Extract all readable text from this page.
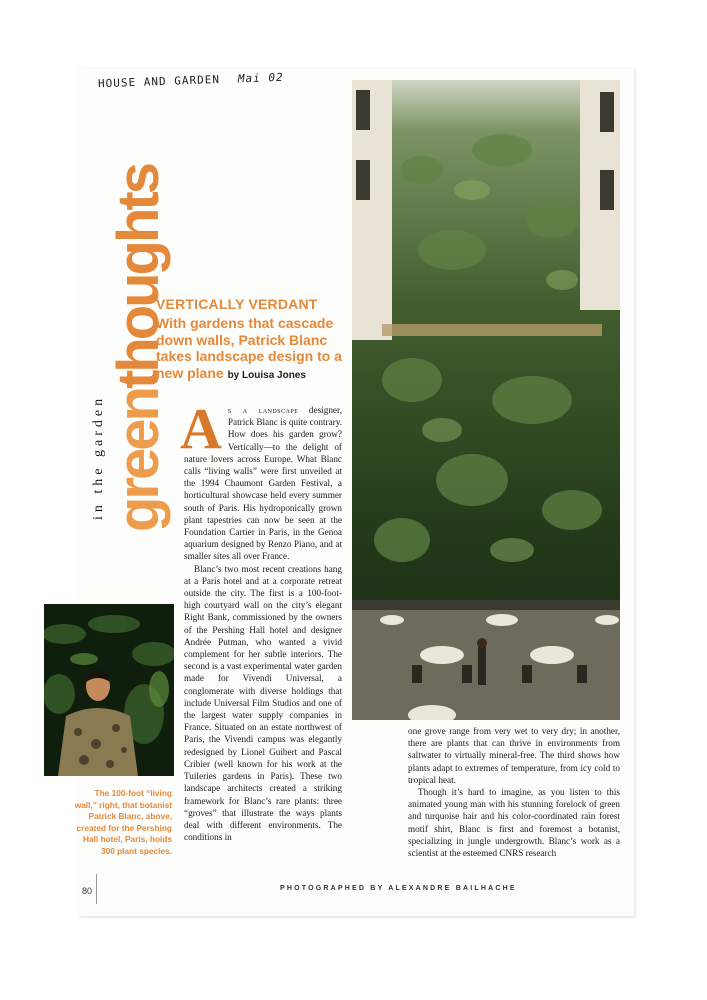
HOUSE AND GARDEN Mai 02
in the garden greenthoughts
VERTICALLY VERDANT
With gardens that cascade down walls, Patrick Blanc takes landscape design to a new plane by Louisa Jones

As a landscape designer, Patrick Blanc is quite contrary. How does his garden grow? Vertically—to the delight of nature lovers across Europe. What Blanc calls “living walls” were first unveiled at the 1994 Chaumont Garden Festival, a horticultural showcase held every summer south of Paris. His hydroponically grown plant tapestries can now be seen at the Foundation Cartier in Paris, in the Genoa aquarium designed by Renzo Piano, and at smaller sites all over France.

Blanc’s two most recent creations hang at a Paris hotel and at a corporate retreat outside the city. The first is a 100-foot-high courtyard wall on the city’s elegant Right Bank, commissioned by the owners of the Pershing Hall hotel and designer Andrée Putman, who wanted a vivid complement for her subtle interiors. The second is a vast experimental water garden made for Vivendi Universal, a conglomerate with diverse holdings that include Universal Film Studios and one of the largest water supply companies in France. Situated on an estate northwest of Paris, the Vivendi campus was elegantly redesigned by Lionel Guibert and Pascal Cribier (well known for his work at the Tuileries gardens in Paris). These two landscape architects created a striking framework for Blanc’s rare plants: three “groves” that illustrate the ways plants deal with different environments. The conditions in

The 100-foot “living wall,” right, that botanist Patrick Blanc, above, created for the Pershing Hall hotel, Paris, holds 300 plant species.

one grove range from very wet to very dry; in another, there are plants that can thrive in environments from saltwater to virtually mineral-free. The third shows how plants adapt to extremes of temperature, from icy cold to tropical heat.

Though it’s hard to imagine, as you listen to this animated young man with his stunning forelock of green and turquoise hair and his color-coordinated rain forest motif shirt, Blanc is first and foremost a botanist, specializing in jungle undergrowth. Blanc’s work as a scientist at the esteemed CNRS research

80	PHOTOGRAPHED BY ALEXANDRE BAILHACHE
